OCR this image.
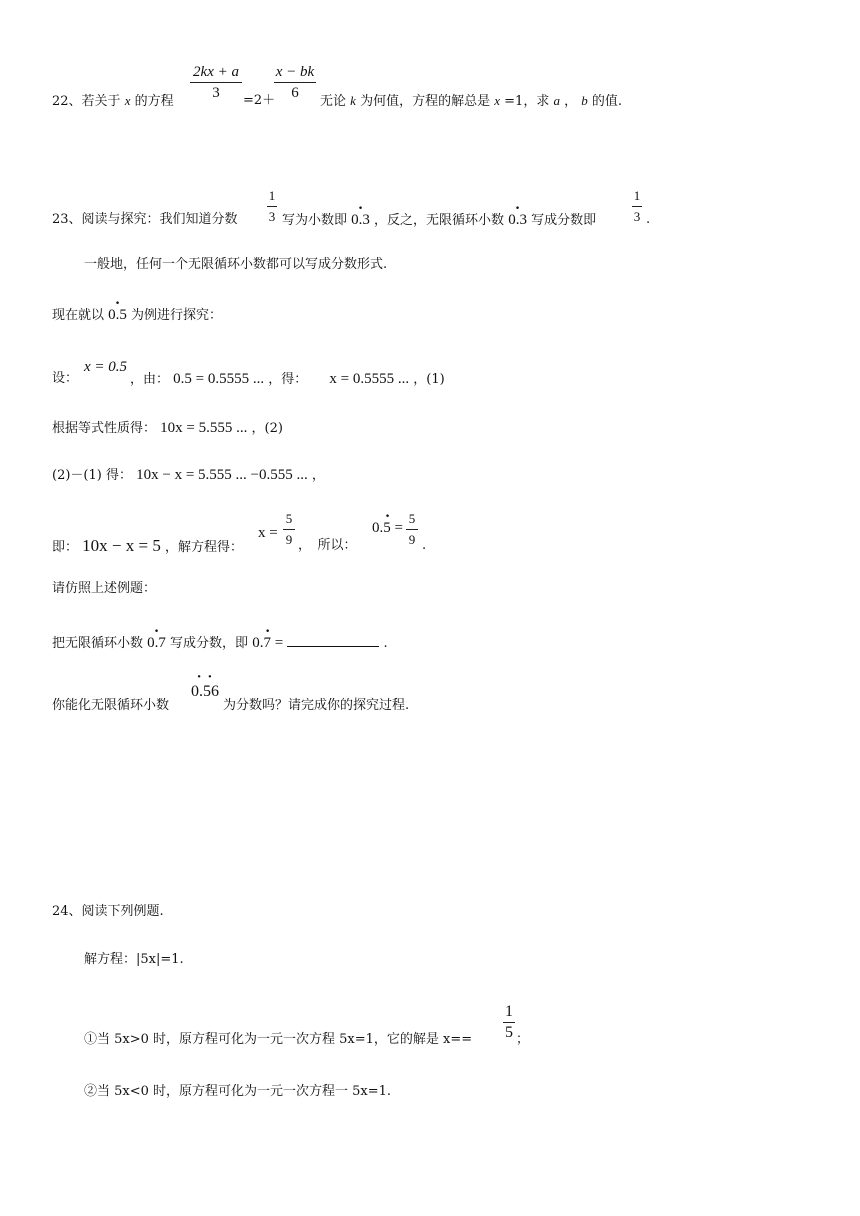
22、若关于 x 的方程
2kx + a
3	=2＋
x − bk
6
无论 k 为何值，方程的解总是 x =1，求 a ， b 的值.
23、阅读与探究：我们知道分数
1
3 写为小数即 0.3 · ，反之，无限循环小数 0.3 · 写成分数即
1
3 .
一般地，任何一个无限循环小数都可以写成分数形式.
现在就以 0.5 · 为例进行探究：
设：
x = 0.5
，由： 0.5 = 0.5555 ... ，得： x = 0.5555 ... ，(1)
根据等式性质得： 10x = 5.555 ... ，(2)
(2)－(1) 得： 10x − x = 5.555 ... −0.555 ... ，
即： 10x − x = 5 ，解方程得：
x =
5
9 ，　所以：
0.5 = ·
5
9 .
请仿照上述例题：
把无限循环小数 0.7 · 写成分数，即 0.7 = ·	.
你能化无限循环小数
0.56 · ·
为分数吗？请完成你的探究过程.
24、阅读下列例题.
解方程：|5x|=1.
①当 5x>0 时，原方程可化为一元一次方程 5x=1，它的解是 x==
1
5 ；
②当 5x<0 时，原方程可化为一元一次方程一 5x=1.
